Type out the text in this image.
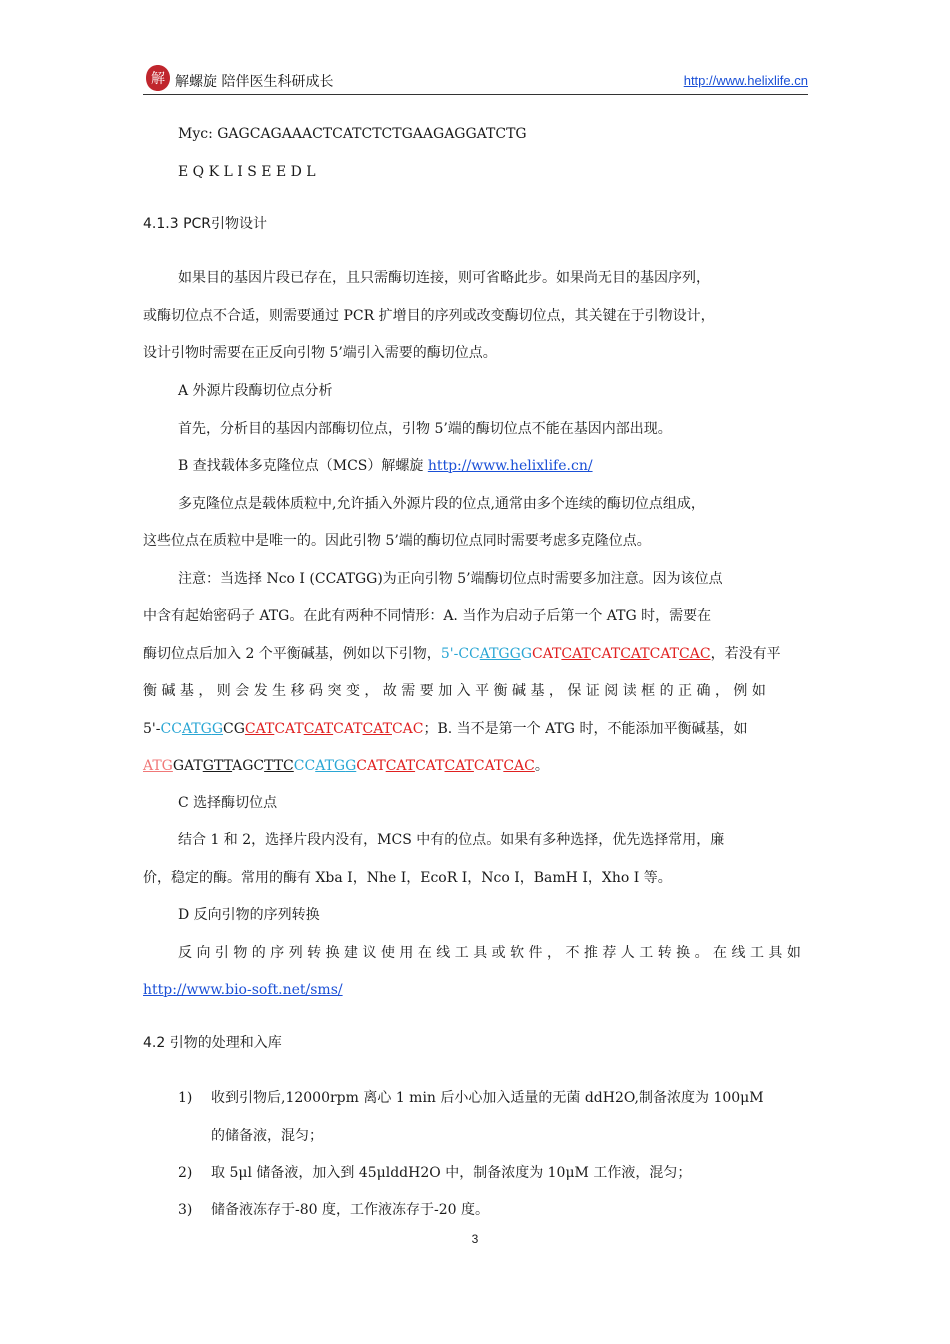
解 解螺旋 陪伴医生科研成长	http://www.helixlife.cn
Myc: GAGCAGAAACTCATCTCTGAAGAGGATCTG
E Q K L I S E E D L
4.1.3 PCR引物设计
如果目的基因片段已存在，且只需酶切连接，则可省略此步。如果尚无目的基因序列，
或酶切位点不合适，则需要通过 PCR 扩增目的序列或改变酶切位点，其关键在于引物设计，
设计引物时需要在正反向引物 5’端引入需要的酶切位点。
A 外源片段酶切位点分析
首先，分析目的基因内部酶切位点，引物 5’端的酶切位点不能在基因内部出现。
B 查找载体多克隆位点（MCS）解螺旋 http://www.helixlife.cn/
多克隆位点是载体质粒中,允许插入外源片段的位点,通常由多个连续的酶切位点组成，
这些位点在质粒中是唯一的。因此引物 5’端的酶切位点同时需要考虑多克隆位点。
注意：当选择 Nco I (CCATGG)为正向引物 5’端酶切位点时需要多加注意。因为该位点
中含有起始密码子 ATG。在此有两种不同情形：A. 当作为启动子后第一个 ATG 时，需要在
酶切位点后加入 2 个平衡碱基，例如以下引物，5'-CCATGGGCATCATCATCATCATCAC，若没有平
衡 碱 基 ， 则 会 发 生 移 码 突 变 ， 故 需 要 加 入 平 衡 碱 基 ， 保 证 阅 读 框 的 正 确 ， 例 如
5'-CCATGGCGCATCATCATCATCATCAC；B. 当不是第一个 ATG 时，不能添加平衡碱基，如
ATGGATGTTAGCTTCCCATGGCATCATCATCATCATCAC。
C 选择酶切位点
结合 1 和 2，选择片段内没有，MCS 中有的位点。如果有多种选择，优先选择常用，廉
价，稳定的酶。常用的酶有 Xba I，Nhe I，EcoR I，Nco I，BamH I，Xho I 等。
D 反向引物的序列转换
反 向 引 物 的 序 列 转 换 建 议 使 用 在 线 工 具 或 软 件 ， 不 推 荐 人 工 转 换 。 在 线 工 具 如
http://www.bio-soft.net/sms/
4.2 引物的处理和入库
1) 收到引物后,12000rpm 离心 1 min 后小心加入适量的无菌 ddH2O,制备浓度为 100μM
的储备液，混匀；
2) 取 5μl 储备液，加入到 45μlddH2O 中，制备浓度为 10μM 工作液，混匀；
3) 储备液冻存于-80 度，工作液冻存于-20 度。
3
